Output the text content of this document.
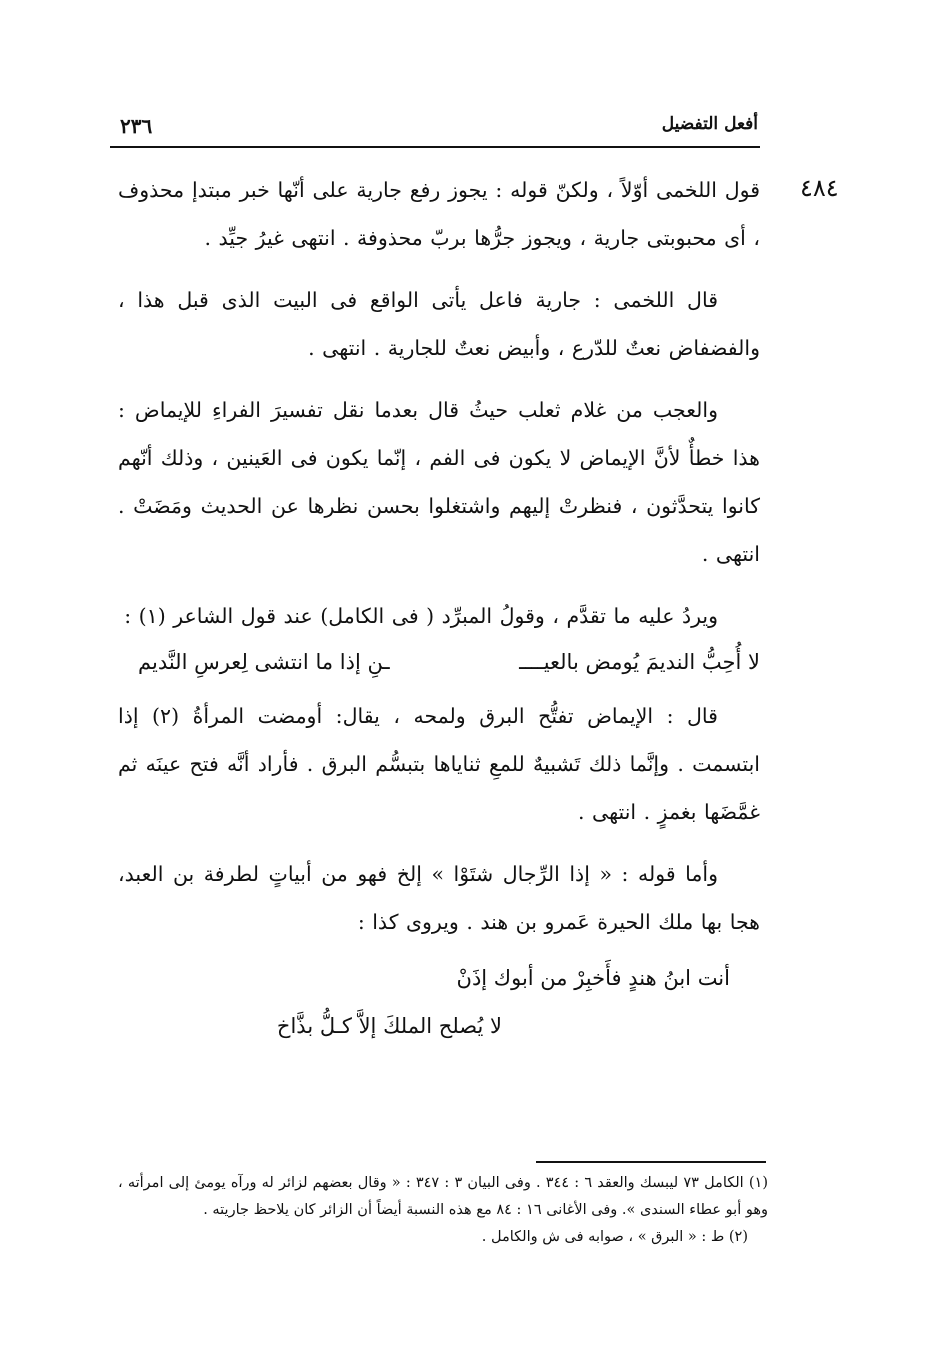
أفعل التفضيل
٢٣٦
٤٨٤

قول اللخمى أوّلاً ، ولكنّ قوله : يجوز رفع جارية على أنّها خبر مبتدإ محذوف ، أى محبوبتى جارية ، ويجوز جرُّها بربّ محذوفة . انتهى غيرُ جيِّد .

قال اللخمى : جارية فاعل يأتى الواقع فى البيت الذى قبل هذا ، والفضفاض نعتٌ للدّرع ، وأبيض نعتٌ للجارية . انتهى .

والعجب من غلام ثعلب حيثُ قال بعدما نقل تفسيرَ الفراءِ للإيماض : هذا خطأٌ لأنَّ الإيماض لا يكون فى الفم ، إنّما يكون فى العَينين ، وذلك أنّهم كانوا يتحدَّثون ، فنظرتْ إليهم واشتغلوا بحسن نظرها عن الحديث ومَضَتْ . انتهى .

ويردُ عليه ما تقدَّم ، وقولُ المبرِّد ( فى الكامل) عند قول الشاعر (١) :

لا أُحِبُّ النديمَ يُومض بالعيــــ
ـنِ إذا ما انتشى لِعرسِ النَّديم

قال : الإيماض تفتُّح البرق ولمحه ، يقال: أومضت المرأةُ (٢) إذا ابتسمت . وإنَّما ذلك تَشبيهٌ للمعِ ثناياها بتبسُّم البرق . فأراد أنَّه فتح عينَه ثم غمَّضَها بغمزٍ . انتهى .

وأما قوله : « إذا الرِّجال شتَوْا » إلخ فهو من أبياتٍ لطرفة بن العبد، هجا بها ملك الحيرة عَمرو بن هند . ويروى كذا :

أنت ابنُ هندٍ فأَخبِرْ من أبوك إذَنْ
لا يُصلح الملكَ إلاَّ كـلُّ بذَّاخ

(١) الكامل ٧٣ ليبسك والعقد ٦ : ٣٤٤ . وفى البيان ٣ : ٣٤٧ : « وقال بعضهم لزائر له ورآه يومئ إلى امرأته ، وهو أبو عطاء السندى ». وفى الأغانى ١٦ : ٨٤ مع هذه النسبة أيضاً أن الزائر كان يلاحظ جاريته .

(٢) ط : « البرق » ، صوابه فى ش والكامل .
